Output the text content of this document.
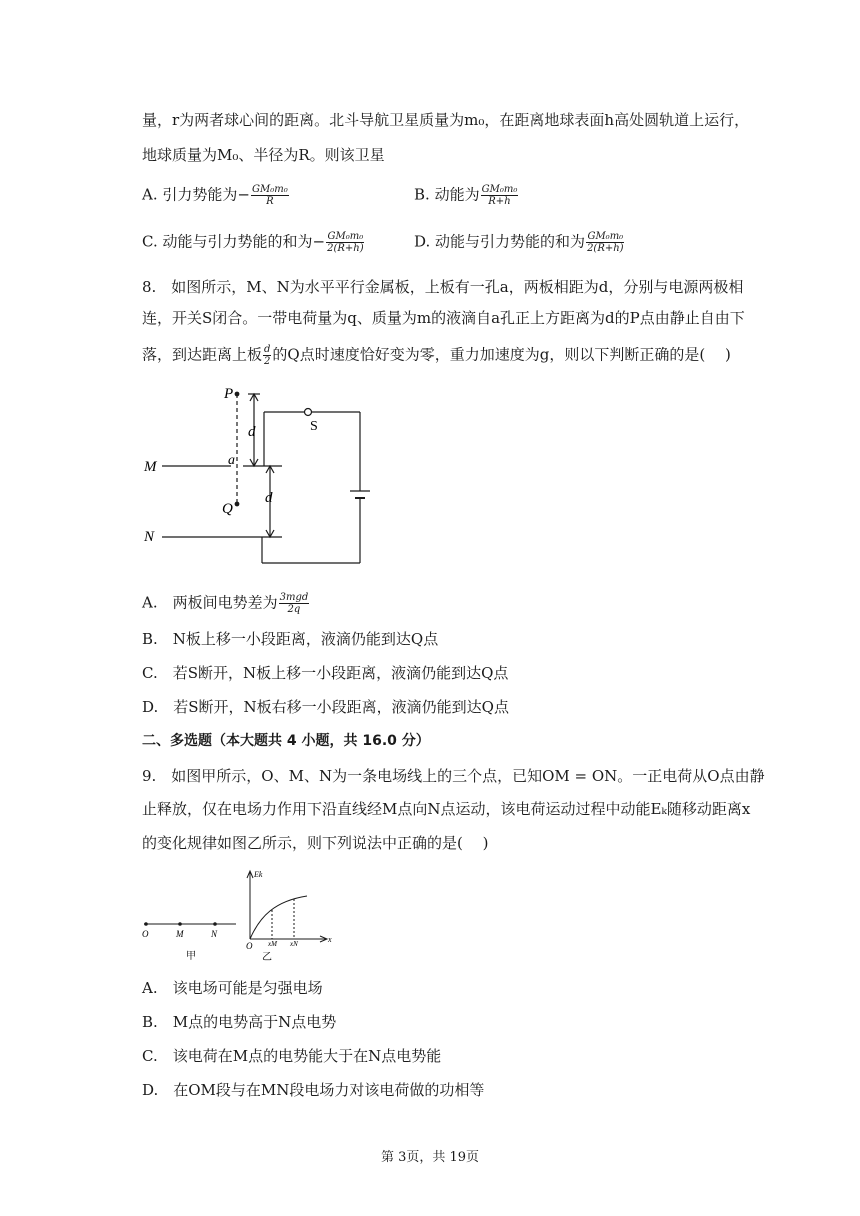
量，r为两者球心间的距离。北斗导航卫星质量为m₀，在距离地球表面h高处圆轨道上运行，
地球质量为M₀、半径为R。则该卫星
A. 引力势能为− $\frac{\text{GM₀m₀}}{R}$	B. 动能为 $\frac{\text{GM₀m₀}}{R+h}$
C. 动能与引力势能的和为− $\frac{\text{GM₀m₀}}{2(R+h)}$	D. 动能与引力势能的和为 $\frac{\text{GM₀m₀}}{2(R+h)}$
8.　如图所示，M、N为水平平行金属板，上板有一孔a，两板相距为d，分别与电源两极相
连，开关S闭合。一带电荷量为q、质量为m的液滴自a孔正上方距离为d的P点由静止自由下
落，到达距离上板 $\frac{d}{2}$ 的Q点时速度恰好变为零，重力加速度为g，则以下判断正确的是(　 )
P
S
d
M	a
d
Q
N
A.　两板间电势差为 $\frac{\text{3mgd}}{2q}$
B.　N板上移一小段距离，液滴仍能到达Q点
C.　若S断开，N板上移一小段距离，液滴仍能到达Q点
D.　若S断开，N板右移一小段距离，液滴仍能到达Q点
二、多选题（本大题共 4 小题，共 16.0 分）
9.　如图甲所示，O、M、N为一条电场线上的三个点，已知OM = ON。一正电荷从O点由静
止释放，仅在电场力作用下沿直线经M点向N点运动，该电荷运动过程中动能Eₖ随移动距离x
的变化规律如图乙所示，则下列说法中正确的是(　 )
O	M	N
甲
Ek
O xM xN	x
乙
A.　该电场可能是匀强电场
B.　M点的电势高于N点电势
C.　该电荷在M点的电势能大于在N点电势能
D.　在OM段与在MN段电场力对该电荷做的功相等
第 3页，共 19页
